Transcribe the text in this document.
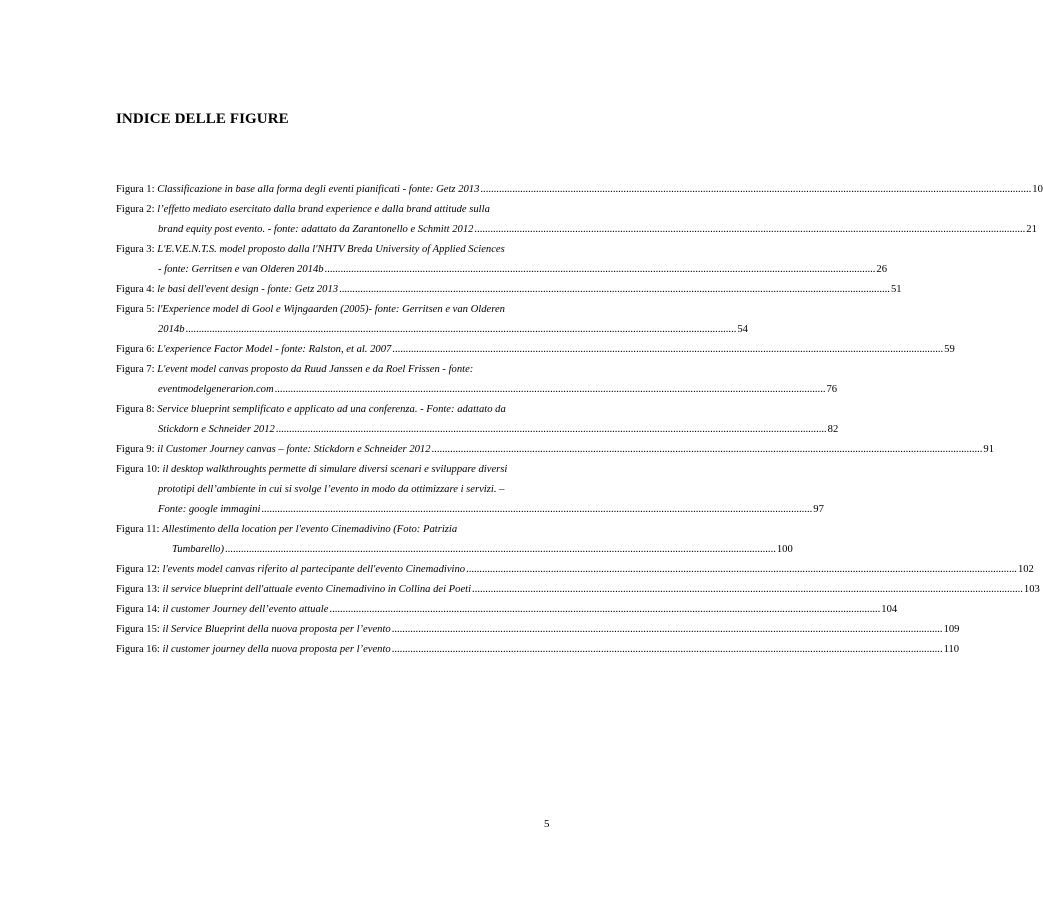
INDICE DELLE FIGURE
Figura 1: Classificazione in base alla forma degli eventi pianificati - fonte: Getz 2013 .....	10
Figura 2: l’effetto mediato esercitato dalla brand experience e dalla brand attitude sulla
brand equity post evento. - fonte: adattato da Zarantonello e Schmitt 2012 .....	21
Figura 3: L'E.V.E.N.T.S. model proposto dalla l'NHTV Breda University of Applied Sciences
- fonte: Gerritsen e van Olderen 2014b .....	26
Figura 4: le basi dell'event design - fonte: Getz 2013 .....	51
Figura 5: l'Experience model di Gool e Wijngaarden (2005)- fonte: Gerritsen e van Olderen
2014b .....	54
Figura 6: L'experience Factor Model - fonte: Ralston, et al. 2007 .....	59
Figura 7: L'event model canvas proposto da Ruud Janssen e da Roel Frissen - fonte:
eventmodelgenerarion.com .....	76
Figura 8: Service blueprint semplificato e applicato ad una conferenza. - Fonte: adattato da
Stickdorn e Schneider 2012 .....	82
Figura 9: il Customer Journey canvas – fonte: Stickdorn e Schneider 2012 .....	91
Figura 10: il desktop walkthroughts permette di simulare diversi scenari e sviluppare diversi
prototipi dell’ambiente in cui si svolge l’evento in modo da ottimizzare i servizi. –
Fonte: google immagini .....	97
Figura 11: Allestimento della location per l'evento Cinemadivino (Foto: Patrizia
Tumbarello) .....	100
Figura 12: l'events model canvas riferito al partecipante dell'evento Cinemadivino .....	102
Figura 13: il service blueprint dell'attuale evento Cinemadivino in Collina dei Poeti .....	103
Figura 14: il customer Journey dell’evento attuale .....	104
Figura 15: il Service Blueprint della nuova proposta per l’evento .....	109
Figura 16: il customer journey della nuova proposta per l’evento .....	110
5
